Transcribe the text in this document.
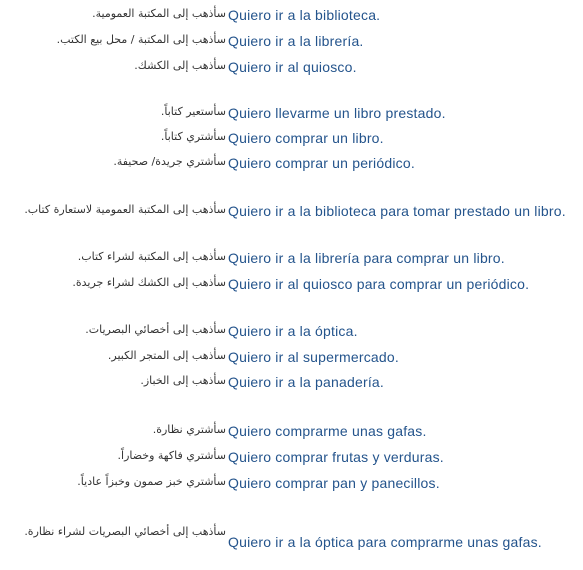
سأذهب إلى المكتبة العمومية. Quiero ir a la biblioteca.
سأذهب إلى المكتبة / محل بيع الكتب. Quiero ir a la librería.
سأذهب إلى الكشك. Quiero ir al quiosco.
سأستعير كتاباً. Quiero llevarme un libro prestado.
سأشتري كتاباً. Quiero comprar un libro.
سأشتري جريدة/ صحيفة. Quiero comprar un periódico.
سأذهب إلى المكتبة العمومية لاستعارة كتاب. Quiero ir a la biblioteca para tomar prestado un libro.
سأذهب إلى المكتبة لشراء كتاب. Quiero ir a la librería para comprar un libro.
سأذهب إلى الكشك لشراء جريدة. Quiero ir al quiosco para comprar un periódico.
سأذهب إلى أخصائي البصريات. Quiero ir a la óptica.
سأذهب إلى المتجر الكبير. Quiero ir al supermercado.
سأذهب إلى الخباز. Quiero ir a la panadería.
سأشتري نظارة. Quiero comprarme unas gafas.
سأشتري فاكهة وخضاراً. Quiero comprar frutas y verduras.
سأشتري خبز صمون وخبزاً عادياً. Quiero comprar pan y panecillos.
سأذهب إلى أخصائي البصريات لشراء نظارة.
Quiero ir a la óptica para comprarme unas gafas.
